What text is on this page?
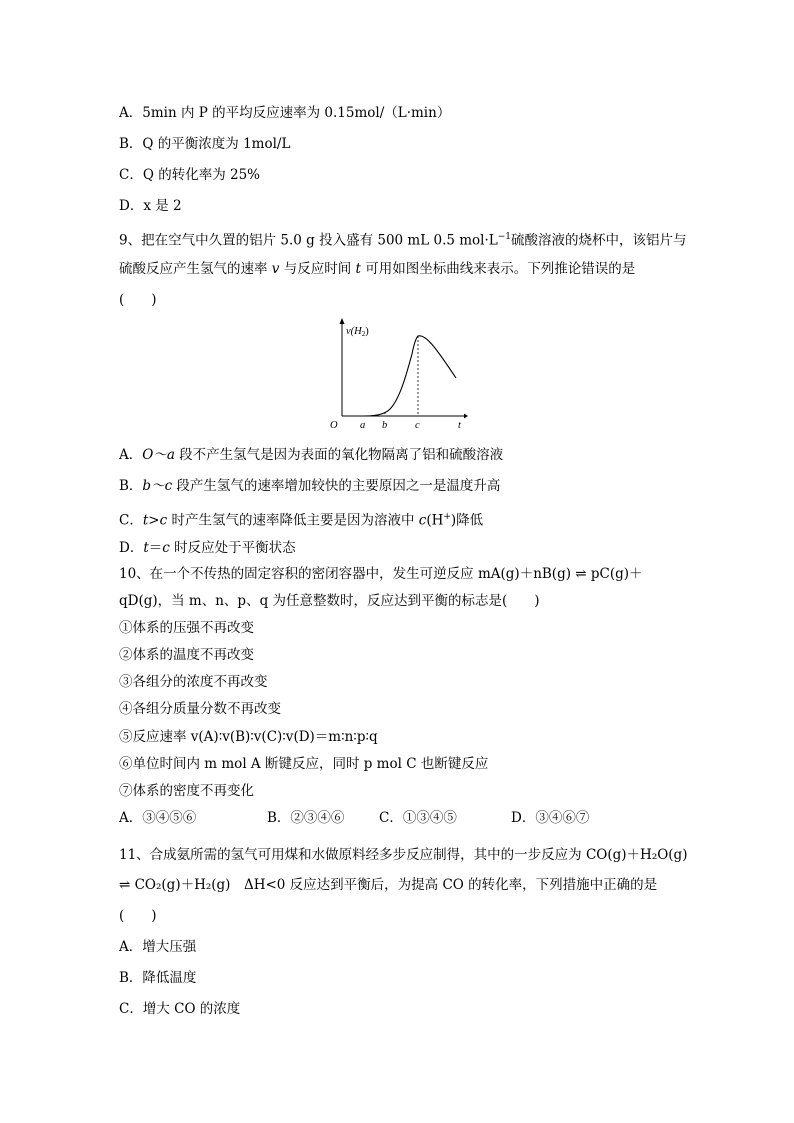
A．5min 内 P 的平均反应速率为 0.15mol/（L·min）
B．Q 的平衡浓度为 1mol/L
C．Q 的转化率为 25%
D．x 是 2
9、把在空气中久置的铝片 5.0 g 投入盛有 500 mL 0.5 $mol\cdot L^{-1}$硫酸溶液的烧杯中，该铝片与
硫酸反应产生氢气的速率 v 与反应时间 t 可用如图坐标曲线来表示。下列推论错误的是
(　　)
v(H2)
O a b	c	t
A．O～a 段不产生氢气是因为表面的氧化物隔离了铝和硫酸溶液
B．b～c 段产生氢气的速率增加较快的主要原因之一是温度升高
C．t>c 时产生氢气的速率降低主要是因为溶液中 c(H+)降低
D．t＝c 时反应处于平衡状态
10、在一个不传热的固定容积的密闭容器中，发生可逆反应 mA(g)＋nB(g) ⇌ pC(g)＋
qD(g)，当 m、n、p、q 为任意整数时，反应达到平衡的标志是(　　)
①体系的压强不再改变
②体系的温度不再改变
③各组分的浓度不再改变
④各组分质量分数不再改变
⑤反应速率 v(A)∶v(B)∶v(C)∶v(D)＝m∶n∶p∶q
⑥单位时间内 m mol A 断键反应，同时 p mol C 也断键反应
⑦体系的密度不再变化
A．③④⑤⑥	B．②③④⑥	C．①③④⑤	D．③④⑥⑦
11、合成氨所需的氢气可用煤和水做原料经多步反应制得，其中的一步反应为 CO(g)＋H₂O(g)
⇌ CO₂(g)＋H₂(g)　ΔH<0 反应达到平衡后，为提高 CO 的转化率，下列措施中正确的是
(　　)
A．增大压强
B．降低温度
C．增大 CO 的浓度
